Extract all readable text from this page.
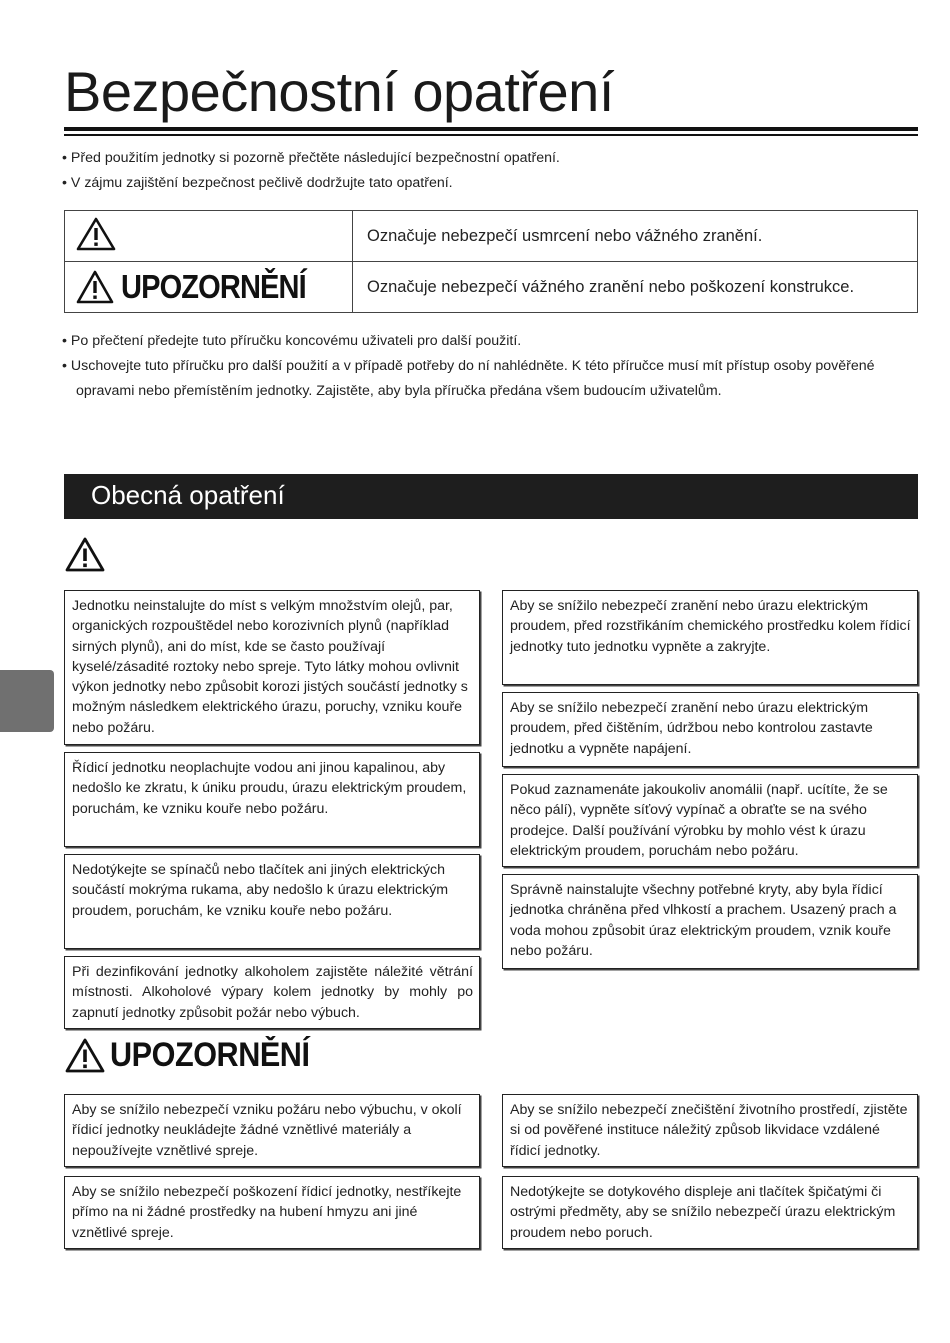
Bezpečnostní opatření
• Před použitím jednotky si pozorně přečtěte následující bezpečnostní opatření.
• V zájmu zajištění bezpečnost pečlivě dodržujte tato opatření.
	Označuje nebezpečí usmrcení nebo vážného zranění.

UPOZORNĚNÍ	Označuje nebezpečí vážného zranění nebo poškození konstrukce.
• Po přečtení předejte tuto příručku koncovému uživateli pro další použití.
• Uschovejte tuto příručku pro další použití a v případě potřeby do ní nahlédněte. K této příručce musí mít přístup osoby pověřené opravami nebo přemístěním jednotky. Zajistěte, aby byla příručka předána všem budoucím uživatelům.
Obecná opatření
Jednotku neinstalujte do míst s velkým množstvím olejů, par, organických rozpouštědel nebo korozivních plynů (například sirných plynů), ani do míst, kde se často používají kyselé/zásadité roztoky nebo spreje. Tyto látky mohou ovlivnit výkon jednotky nebo způsobit korozi jistých součástí jednotky s možným následkem elektrického úrazu, poruchy, vzniku kouře nebo požáru.
Řídicí jednotku neoplachujte vodou ani jinou kapalinou, aby nedošlo ke zkratu, k úniku proudu, úrazu elektrickým proudem, poruchám, ke vzniku kouře nebo požáru.
Nedotýkejte se spínačů nebo tlačítek ani jiných elektrických součástí mokrýma rukama, aby nedošlo k úrazu elektrickým proudem, poruchám, ke vzniku kouře nebo požáru.
Při dezinfikování jednotky alkoholem zajistěte náležité větrání místnosti. Alkoholové výpary kolem jednotky by mohly po zapnutí jednotky způsobit požár nebo výbuch.
Aby se snížilo nebezpečí zranění nebo úrazu elektrickým proudem, před rozstřikáním chemického prostředku kolem řídicí jednotky tuto jednotku vypněte a zakryjte.
Aby se snížilo nebezpečí zranění nebo úrazu elektrickým proudem, před čištěním, údržbou nebo kontrolou zastavte jednotku a vypněte napájení.
Pokud zaznamenáte jakoukoliv anomálii (např. ucítíte, že se něco pálí), vypněte síťový vypínač a obraťte se na svého prodejce. Další používání výrobku by mohlo vést k úrazu elektrickým proudem, poruchám nebo požáru.
Správně nainstalujte všechny potřebné kryty, aby byla řídicí jednotka chráněna před vlhkostí a prachem. Usazený prach a voda mohou způsobit úraz elektrickým proudem, vznik kouře nebo požáru.
UPOZORNĚNÍ
Aby se snížilo nebezpečí vzniku požáru nebo výbuchu, v okolí řídicí jednotky neukládejte žádné vznětlivé materiály a nepoužívejte vznětlivé spreje.
Aby se snížilo nebezpečí poškození řídicí jednotky, nestříkejte přímo na ni žádné prostředky na hubení hmyzu ani jiné vznětlivé spreje.
Aby se snížilo nebezpečí znečištění životního prostředí, zjistěte si od pověřené instituce náležitý způsob likvidace vzdálené řídicí jednotky.
Nedotýkejte se dotykového displeje ani tlačítek špičatými či ostrými předměty, aby se snížilo nebezpečí úrazu elektrickým proudem nebo poruch.
